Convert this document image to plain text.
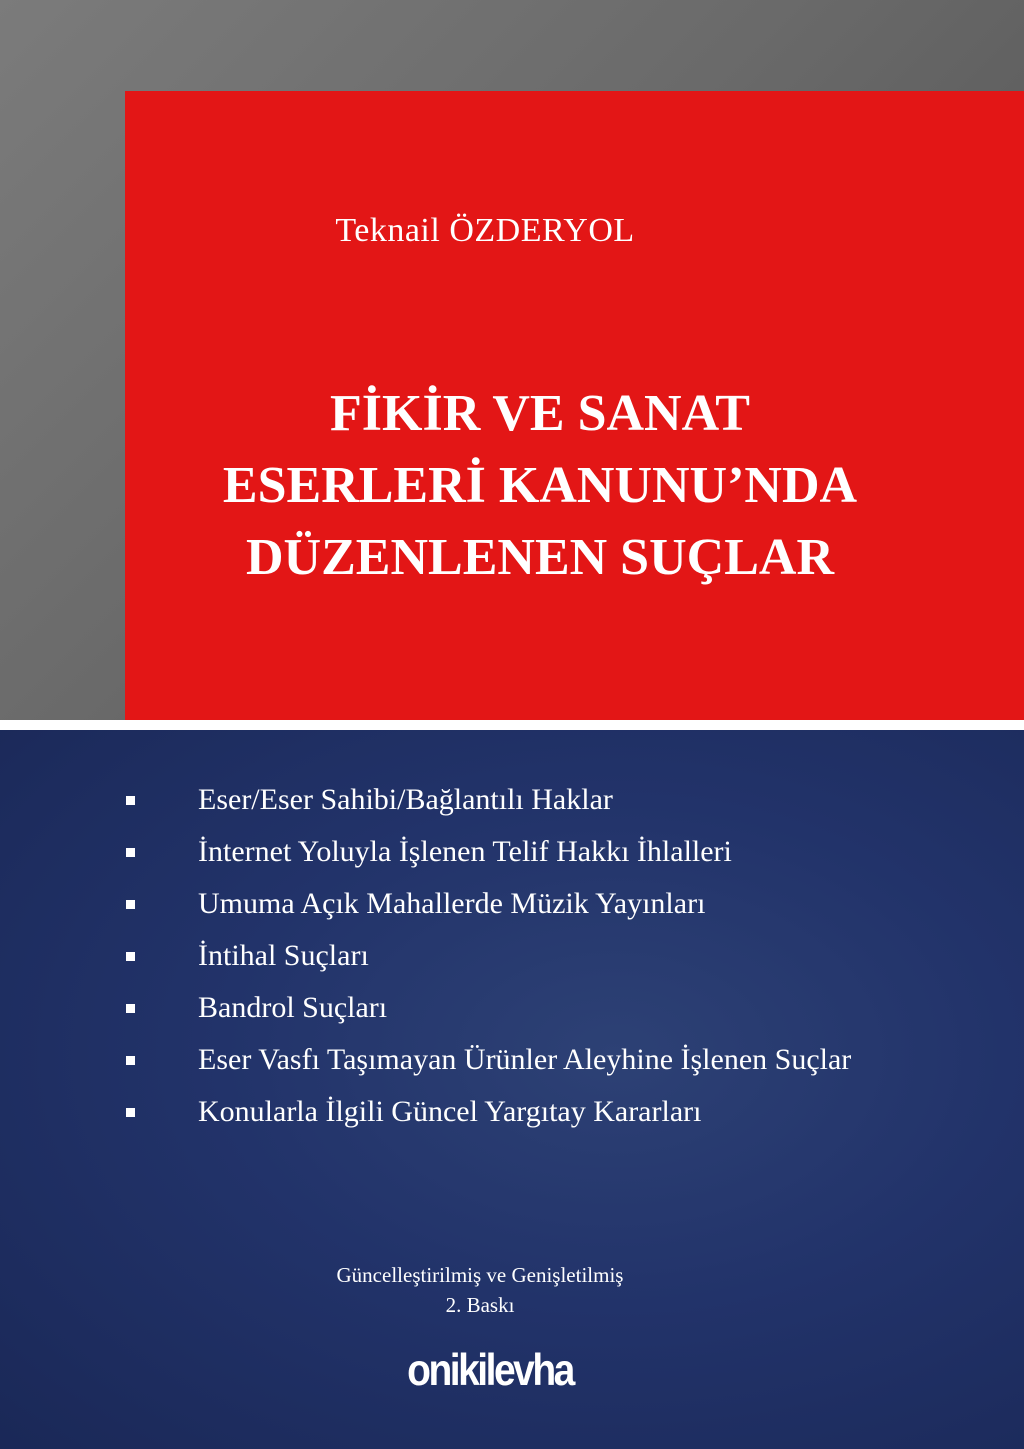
Teknail ÖZDERYOL
FİKİR VE SANAT
ESERLERİ KANUNU’NDA
DÜZENLENEN SUÇLAR
Eser/Eser Sahibi/Bağlantılı Haklar
İnternet Yoluyla İşlenen Telif Hakkı İhlalleri
Umuma Açık Mahallerde Müzik Yayınları
İntihal Suçları
Bandrol Suçları
Eser Vasfı Taşımayan Ürünler Aleyhine İşlenen Suçlar
Konularla İlgili Güncel Yargıtay Kararları
Güncelleştirilmiş ve Genişletilmiş
2. Baskı
onikilevha
